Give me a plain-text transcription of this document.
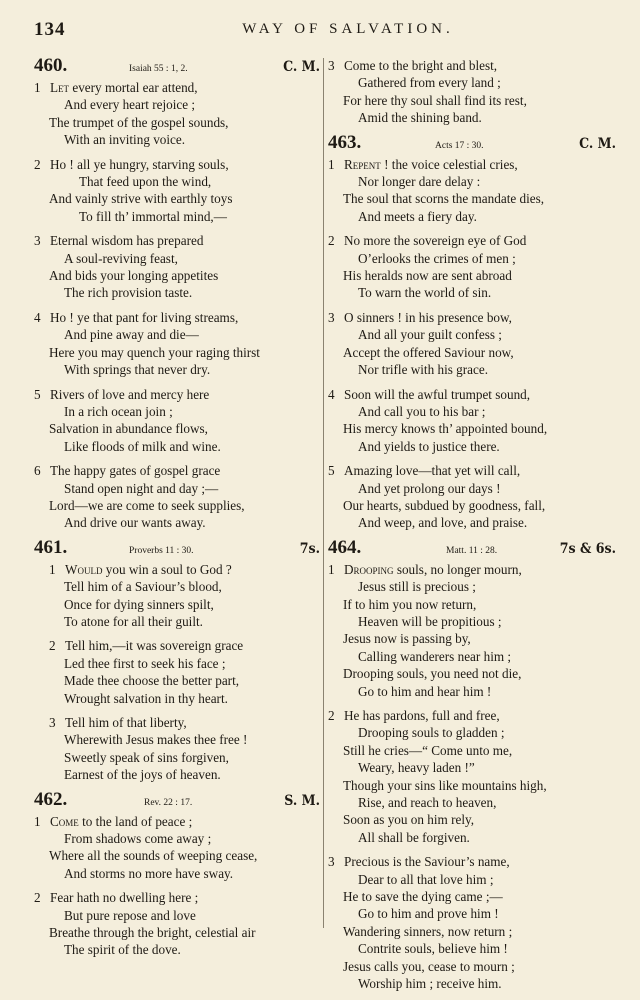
134	WAY OF SALVATION.
460.	Isaiah 55 : 1, 2.	C. M.
1 Let every mortal ear attend,
And every heart rejoice ;
The trumpet of the gospel sounds,
With an inviting voice.
2 Ho ! all ye hungry, starving souls,
That feed upon the wind,
And vainly strive with earthly toys
To fill th’ immortal mind,—
3 Eternal wisdom has prepared
A soul-reviving feast,
And bids your longing appetites
The rich provision taste.
4 Ho ! ye that pant for living streams,
And pine away and die—
Here you may quench your raging thirst
With springs that never dry.
5 Rivers of love and mercy here
In a rich ocean join ;
Salvation in abundance flows,
Like floods of milk and wine.
6 The happy gates of gospel grace
Stand open night and day ;—
Lord—we are come to seek supplies,
And drive our wants away.
461.	Proverbs 11 : 30.	7s.
1 Would you win a soul to God ?
Tell him of a Saviour’s blood,
Once for dying sinners spilt,
To atone for all their guilt.
2 Tell him,—it was sovereign grace
Led thee first to seek his face ;
Made thee choose the better part,
Wrought salvation in thy heart.
3 Tell him of that liberty,
Wherewith Jesus makes thee free !
Sweetly speak of sins forgiven,
Earnest of the joys of heaven.
462.	Rev. 22 : 17.	S. M.
1 Come to the land of peace ;
From shadows come away ;
Where all the sounds of weeping cease,
And storms no more have sway.
2 Fear hath no dwelling here ;
But pure repose and love
Breathe through the bright, celestial air
The spirit of the dove.
3 Come to the bright and blest,
Gathered from every land ;
For here thy soul shall find its rest,
Amid the shining band.
463.	Acts 17 : 30.	C. M.
1 Repent ! the voice celestial cries,
Nor longer dare delay :
The soul that scorns the mandate dies,
And meets a fiery day.
2 No more the sovereign eye of God
O’erlooks the crimes of men ;
His heralds now are sent abroad
To warn the world of sin.
3 O sinners ! in his presence bow,
And all your guilt confess ;
Accept the offered Saviour now,
Nor trifle with his grace.
4 Soon will the awful trumpet sound,
And call you to his bar ;
His mercy knows th’ appointed bound,
And yields to justice there.
5 Amazing love—that yet will call,
And yet prolong our days !
Our hearts, subdued by goodness, fall,
And weep, and love, and praise.
464.	Matt. 11 : 28.	7s & 6s.
1 Drooping souls, no longer mourn,
Jesus still is precious ;
If to him you now return,
Heaven will be propitious ;
Jesus now is passing by,
Calling wanderers near him ;
Drooping souls, you need not die,
Go to him and hear him !
2 He has pardons, full and free,
Drooping souls to gladden ;
Still he cries—“ Come unto me,
Weary, heavy laden !”
Though your sins like mountains high,
Rise, and reach to heaven,
Soon as you on him rely,
All shall be forgiven.
3 Precious is the Saviour’s name,
Dear to all that love him ;
He to save the dying came ;—
Go to him and prove him !
Wandering sinners, now return ;
Contrite souls, believe him !
Jesus calls you, cease to mourn ;
Worship him ; receive him.
